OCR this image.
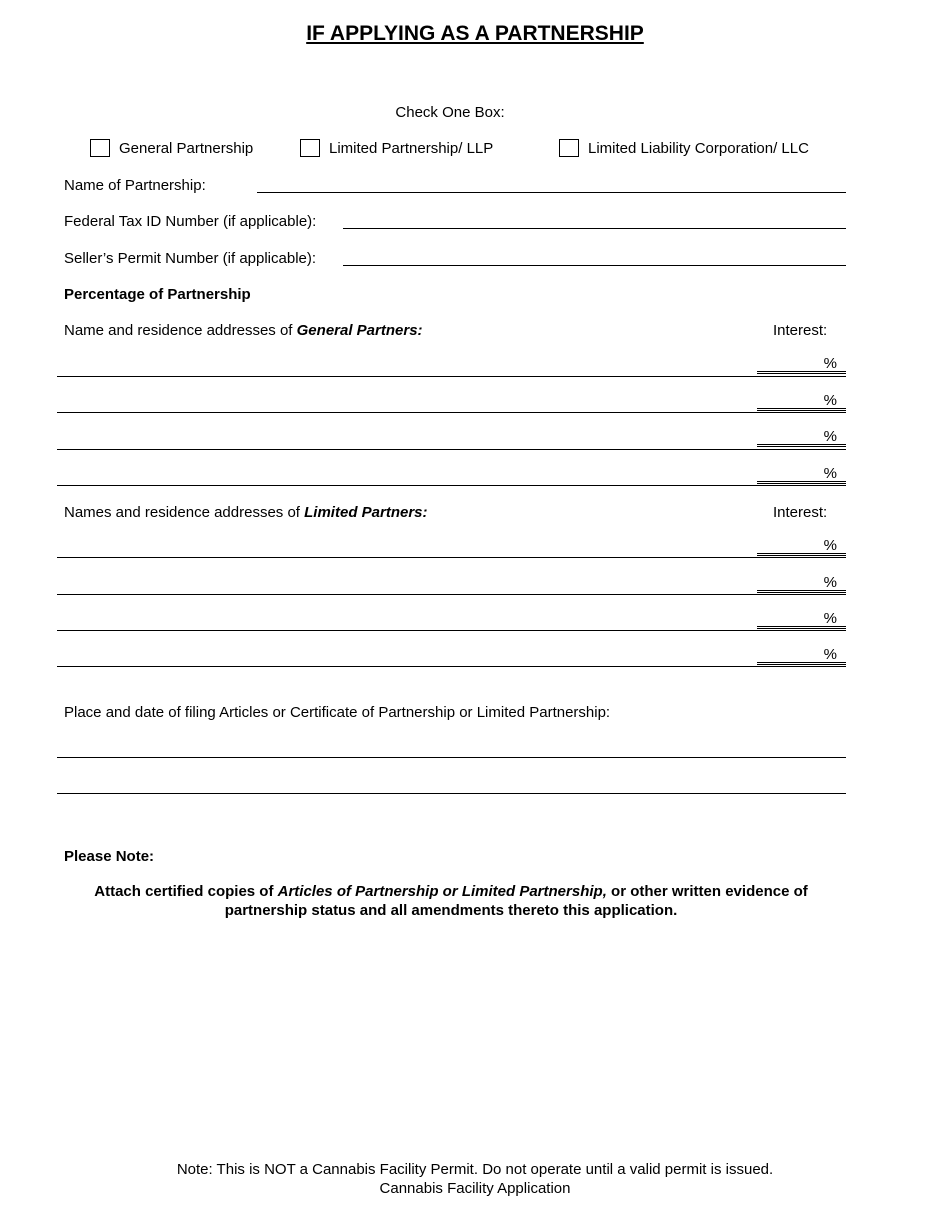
IF APPLYING AS A PARTNERSHIP
Check One Box:
General Partnership	Limited Partnership/ LLP	Limited Liability Corporation/ LLC
Name of Partnership:
Federal Tax ID Number (if applicable):
Seller’s Permit Number (if applicable):
Percentage of Partnership
Name and residence addresses of General Partners:	Interest:
%
%
%
%
Names and residence addresses of Limited Partners:	Interest:
%
%
%
%
Place and date of filing Articles or Certificate of Partnership or Limited Partnership:
Please Note:
Attach certified copies of Articles of Partnership or Limited Partnership, or other written evidence of partnership status and all amendments thereto this application.
Note: This is NOT a Cannabis Facility Permit. Do not operate until a valid permit is issued.
Cannabis Facility Application
